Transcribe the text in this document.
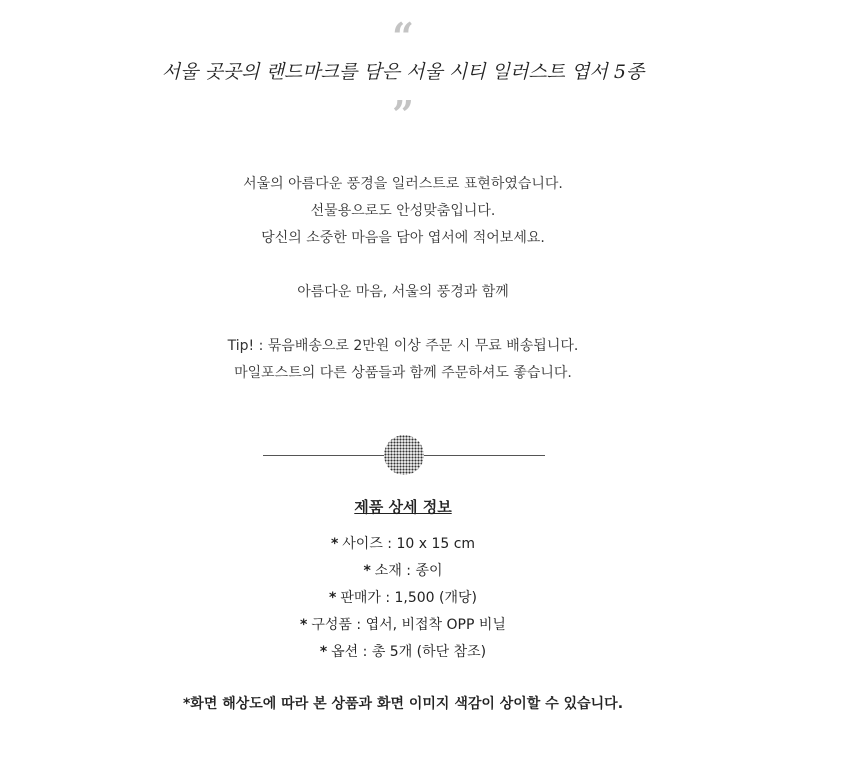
“
서울 곳곳의 랜드마크를 담은 서울 시티 일러스트 엽서 5종
”
서울의 아름다운 풍경을 일러스트로 표현하였습니다.
선물용으로도 안성맞춤입니다.
당신의 소중한 마음을 담아 엽서에 적어보세요.
아름다운 마음, 서울의 풍경과 함께
Tip! : 묶음배송으로 2만원 이상 주문 시 무료 배송됩니다.
마일포스트의 다른 상품들과 함께 주문하셔도 좋습니다.
제품 상세 정보
* 사이즈 : 10 x 15 cm
* 소재 : 종이
* 판매가 : 1,500 (개당)
* 구성품 : 엽서, 비접착 OPP 비닐
* 옵션 : 총 5개 (하단 참조)
*화면 해상도에 따라 본 상품과 화면 이미지 색감이 상이할 수 있습니다.
